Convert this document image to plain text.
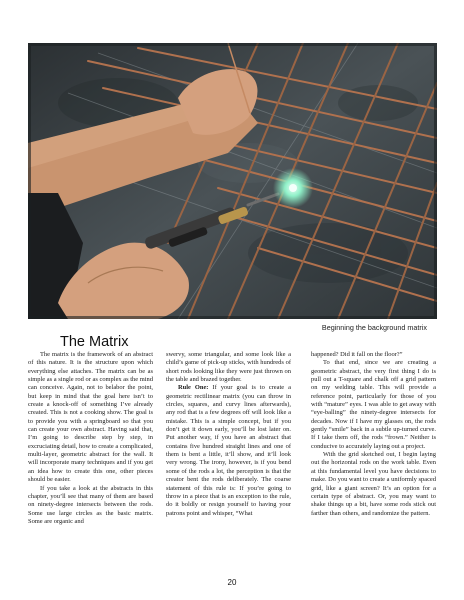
Beginning the background matrix
The Matrix

The matrix is the framework of an abstract of this nature. It is the structure upon which everything else attaches. The matrix can be as simple as a single rod or as complex as the mind can conceive. Again, not to belabor the point, but keep in mind that the goal here isn’t to create a knock-off of something I’ve already created. This is not a cooking show. The goal is to provide you with a springboard so that you can create your own abstract. Having said that, I’m going to describe step by step, in excruciating detail, how to create a complicated, multi-layer, geometric abstract for the wall. It will incorporate many techniques and if you get an idea how to create this one, other pieces should be easier.

If you take a look at the abstracts in this chapter, you’ll see that many of them are based on ninety-degree intersects between the rods. Some use large circles as the basic matrix. Some are organic and

swervy, some triangular, and some look like a child’s game of pick-up sticks, with hundreds of short rods looking like they were just thrown on the table and brazed together.

Rule One: If your goal is to create a geometric rectilinear matrix (you can throw in circles, squares, and curvy lines afterwards), any rod that is a few degrees off will look like a mistake. This is a simple concept, but if you don’t get it down early, you’ll be lost later on. Put another way, if you have an abstract that contains five hundred straight lines and one of them is bent a little, it’ll show, and it’ll look very wrong. The irony, however, is if you bend some of the rods a lot, the perception is that the creator bent the rods deliberately. The coarse statement of this rule is: If you’re going to throw in a piece that is an exception to the rule, do it boldly or resign yourself to having your patrons point and whisper, “What

happened? Did it fall on the floor?”

To that end, since we are creating a geometric abstract, the very first thing I do is pull out a T-square and chalk off a grid pattern on my welding table. This will provide a reference point, particularly for those of you with “mature” eyes. I was able to get away with “eye-balling” the ninety-degree intersects for decades. Now if I have my glasses on, the rods gently “smile” back in a subtle up-turned curve. If I take them off, the rods “frown.” Neither is conducive to accurately laying out a project.

With the grid sketched out, I begin laying out the horizontal rods on the work table. Even at this fundamental level you have decisions to make. Do you want to create a uniformly spaced grid, like a giant screen? It’s an option for a certain type of abstract. Or, you may want to shake things up a bit, have some rods stick out farther than others, and randomize the pattern.

20
